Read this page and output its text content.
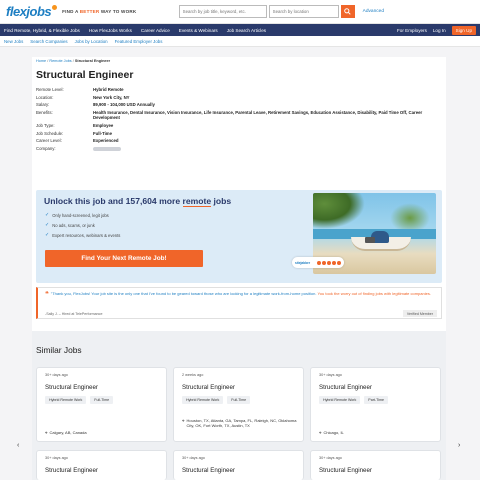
flexjobs FIND A BETTER WAY TO WORK
Search by job title, keyword, etc.
Search by location	Advanced
Find Remote, Hybrid, & Flexible Jobs How FlexJobs Works Career Advice Events & Webinars Job Search Articles	For Employers Log In	Sign Up
New Jobs Search Companies Jobs by Location Featured Employer Jobs
Home / Remote Jobs / Structural Engineer
Structural Engineer
Remote Level:	Hybrid Remote
Location:	New York City, NY
Salary:	89,900 - 104,000 USD Annually
Benefits:	Health Insurance, Dental Insurance, Vision Insurance, Life Insurance, Parental Leave, Retirement Savings, Education Assistance, Disability, Paid Time Off, Career Development
Job Type:	Employee
Job Schedule:	Full-Time
Career Level:	Experienced
Company:
Unlock this job and 157,604 more remote jobs
✓ Only hand-screened, legit jobs
✓ No ads, scams, or junk
✓ Expert resources, webinars & events
Find Your Next Remote Job!
sitejabber
❝ "Thank you, FlexJobs! Your job site is the only one that I've found to be geared toward those who are looking for a legitimate work-from-home position. You took the worry out of finding jobs with legitimate companies.
-Sally J. – Hired at TelePerformance	Verified Member
Similar Jobs
30+ days ago
Structural Engineer
Hybrid Remote Work	Full-Time
⌖ Calgary, AB, Canada
2 weeks ago
Structural Engineer
Hybrid Remote Work	Full-Time
⌖ Houston, TX, Atlanta, GA, Tampa, FL, Raleigh, NC, Oklahoma City, OK, Fort Worth, TX, Austin, TX
30+ days ago
Structural Engineer
Hybrid Remote Work	Part-Time
⌖ Chicago, IL
30+ days ago
Structural Engineer
30+ days ago
Structural Engineer
30+ days ago
Structural Engineer
‹	›
